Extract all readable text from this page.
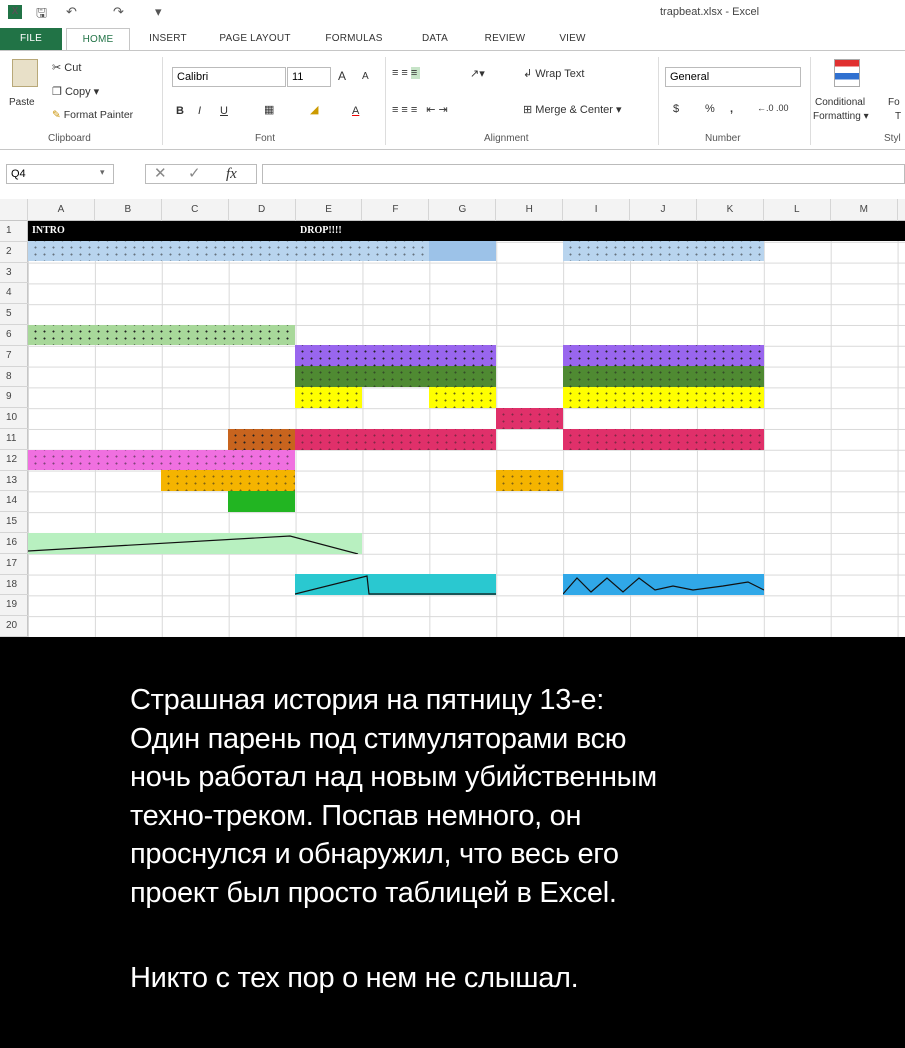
X 🖫 ↶	↷ ▾	trapbeat.xlsx - Excel
FILE	HOME	INSERT	PAGE LAYOUT	FORMULAS	DATA	REVIEW	VIEW
Paste
✂ Cut
❐ Copy ▾
✎ Format Painter
Clipboard
Calibri	11	A A
B I U	▦	◢	A
Font
≡≡≡	↗▾	↲ Wrap Text
≡≡≡ ⇤⇥	⊞ Merge & Center ▾
Alignment
General
$ % ,	←.0 .00
Number
Conditional
Formatting ▾
Fo
T
Styl
Q4	▾	✕ ✓ fx
A	B	C	D	E	F	G	H	I	J	K	L	M
1
2
3
4
5
6
7
8
9
10
11
12
13
14
15
16
17
18
19
20
INTRO	DROP!!!!
Страшная история на пятницу 13-е:
Один парень под стимуляторами всю
ночь работал над новым убийственным
техно-треком. Поспав немного, он
проснулся и обнаружил, что весь его
проект был просто таблицей в Excel.
Никто с тех пор о нем не слышал.
